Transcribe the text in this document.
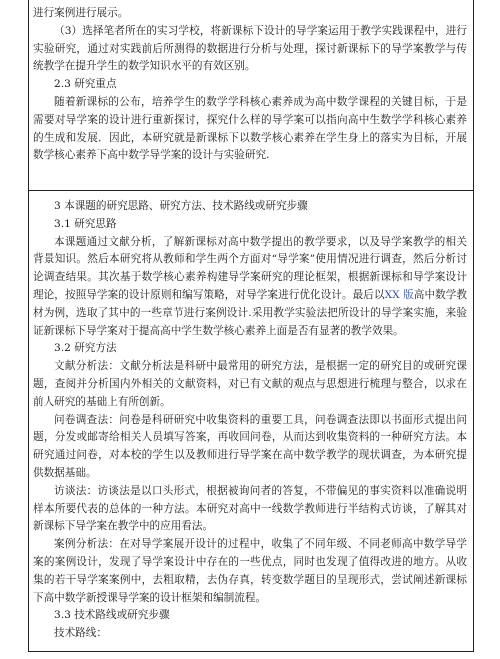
进行案例进行展示。

（3）选择笔者所在的实习学校，将新课标下设计的导学案运用于教学实践课程中，进行实验研究，通过对实践前后所测得的数据进行分析与处理，探讨新课标下的导学案教学与传统教学在提升学生的数学知识水平的有效区别。

2.3 研究重点

随着新课标的公布，培养学生的数学学科核心素养成为高中数学课程的关键目标，于是需要对导学案的设计进行重新探讨，探究什么样的导学案可以指向高中生数学学科核心素养的生成和发展．因此，本研究就是新课标下以数学核心素养在学生身上的落实为目标，开展数学核心素养下高中数学导学案的设计与实验研究.

3 本课题的研究思路、研究方法、技术路线或研究步骤

3.1 研究思路

本课题通过文献分析，了解新课标对高中数学提出的教学要求，以及导学案教学的相关背景知识。然后本研究将从教师和学生两个方面对“导学案”使用情况进行调查，然后分析讨论调查结果。其次基于数学核心素养构建导学案研究的理论框架，根据新课标和导学案设计理论，按照导学案的设计原则和编写策略，对导学案进行优化设计。最后以XX 版高中数学教材为例，选取了其中的一些章节进行案例设计.采用教学实验法把所设计的导学案实施，来验证新课标下导学案对于提高高中学生数学核心素养上面是否有显著的教学效果。

3.2 研究方法

文献分析法：文献分析法是科研中最常用的研究方法，是根据一定的研究目的或研究课题，查阅并分析国内外相关的文献资料，对已有文献的观点与思想进行梳理与整合，以求在前人研究的基础上有所创新。

问卷调查法：问卷是科研研究中收集资料的重要工具，问卷调查法即以书面形式提出问题，分发或邮寄给相关人员填写答案，再收回问卷，从而达到收集资料的一种研究方法。本研究通过问卷，对本校的学生以及教师进行导学案在高中数学教学的现状调查，为本研究提供数据基础。

访谈法：访谈法是以口头形式，根据被询问者的答复，不带偏见的事实资料以准确说明样本所要代表的总体的一种方法。本研究对高中一线数学教师进行半结构式访谈，了解其对新课标下导学案在教学中的应用看法。

案例分析法：在对导学案展开设计的过程中，收集了不同年级、不同老师高中数学导学案的案例设计，发现了导学案设计中存在的一些优点，同时也发现了值得改进的地方。从收集的若干导学案案例中，去粗取精，去伪存真，转变数学题目的呈现形式，尝试阐述新课标下高中数学新授课导学案的设计框架和编制流程。

3.3 技术路线或研究步骤

技术路线：
